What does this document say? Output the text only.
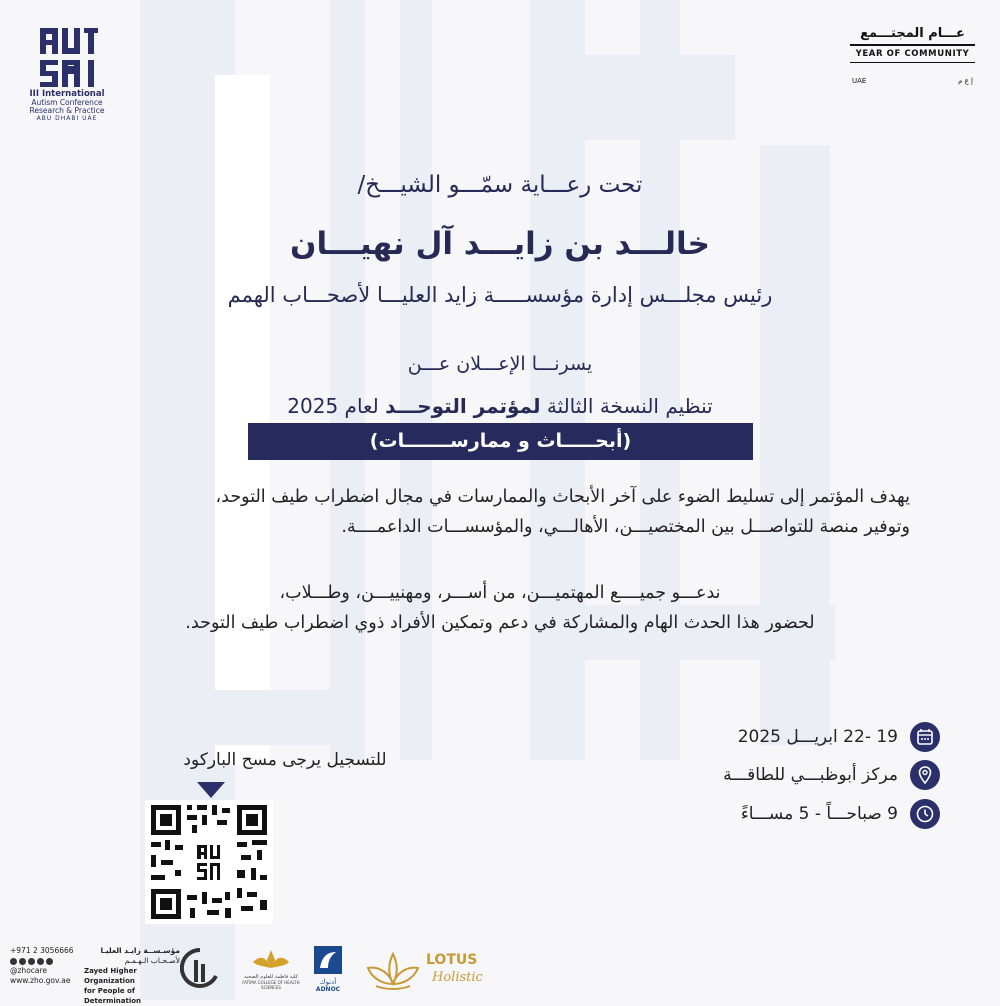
III International
Autism Conference
Research & Practice
ABU DHABI UAE
عـــام المجتـــمع
YEAR OF COMMUNITY
UAE	إ ع ﻡ
تحت رعـــاية سمّـــو الشيـــخ/
خالـــد بن زايـــد آل نهيـــان
رئيس مجلـــس إدارة مؤسســـــة زايد العليـــا لأصحـــاب الهمم
يسرنـــا الإعـــلان عـــن
تنظيم النسخة الثالثة لمؤتمر التوحـــد لعام 2025
(أبحـــــاث و ممارســـــــات)
يهدف المؤتمر إلى تسليط الضوء على آخر الأبحاث والممارسات في مجال اضطراب طيف التوحد،
وتوفير منصة للتواصـــل بين المختصيـــن، الأهالـــي، والمؤسســـات الداعمــــة.
ندعـــو جميــــع المهتميـــن، من أســـر، ومهنييـــن، وطـــلاب،
لحضور هذا الحدث الهام والمشاركة في دعم وتمكين الأفراد ذوي اضطراب طيف التوحد.
19 -22 ابريـــل 2025
مركز أبوظبـــي للطاقـــة
9 صباحـــاً - 5 مســـاءً
للتسجيل يرجى مسح الباركود
+971 2 3056666
@zhocare
www.zho.gov.ae
مؤسـســة زايـد العليـا
لأصـحـاب الـهـمـم
Zayed Higher Organization
for People of Determination
كلية فاطمة للعلوم الصحية
FATIMA COLLEGE OF HEALTH SCIENCES
أدنوك
ADNOC
LOTUS
Holistic
